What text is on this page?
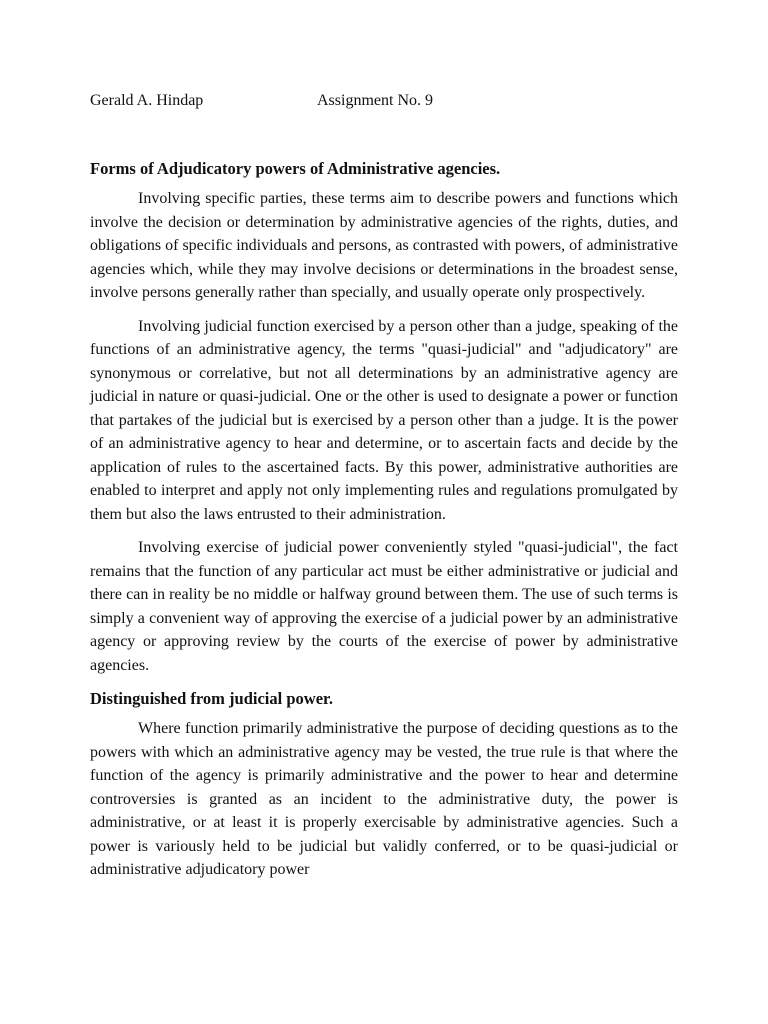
Gerald A. Hindap	Assignment No. 9
Forms of Adjudicatory powers of Administrative agencies.

Involving specific parties, these terms aim to describe powers and functions which involve the decision or determination by administrative agencies of the rights, duties, and obligations of specific individuals and persons, as contrasted with powers, of administrative agencies which, while they may involve decisions or determinations in the broadest sense, involve persons generally rather than specially, and usually operate only prospectively.

Involving judicial function exercised by a person other than a judge, speaking of the functions of an administrative agency, the terms "quasi-judicial" and "adjudicatory" are synonymous or correlative, but not all determinations by an administrative agency are judicial in nature or quasi-judicial. One or the other is used to designate a power or function that partakes of the judicial but is exercised by a person other than a judge. It is the power of an administrative agency to hear and determine, or to ascertain facts and decide by the application of rules to the ascertained facts. By this power, administrative authorities are enabled to interpret and apply not only implementing rules and regulations promulgated by them but also the laws entrusted to their administration.

Involving exercise of judicial power conveniently styled "quasi-judicial", the fact remains that the function of any particular act must be either administrative or judicial and there can in reality be no middle or halfway ground between them. The use of such terms is simply a convenient way of approving the exercise of a judicial power by an administrative agency or approving review by the courts of the exercise of power by administrative agencies.

Distinguished from judicial power.

Where function primarily administrative the purpose of deciding questions as to the powers with which an administrative agency may be vested, the true rule is that where the function of the agency is primarily administrative and the power to hear and determine controversies is granted as an incident to the administrative duty, the power is administrative, or at least it is properly exercisable by administrative agencies. Such a power is variously held to be judicial but validly conferred, or to be quasi-judicial or administrative adjudicatory power
